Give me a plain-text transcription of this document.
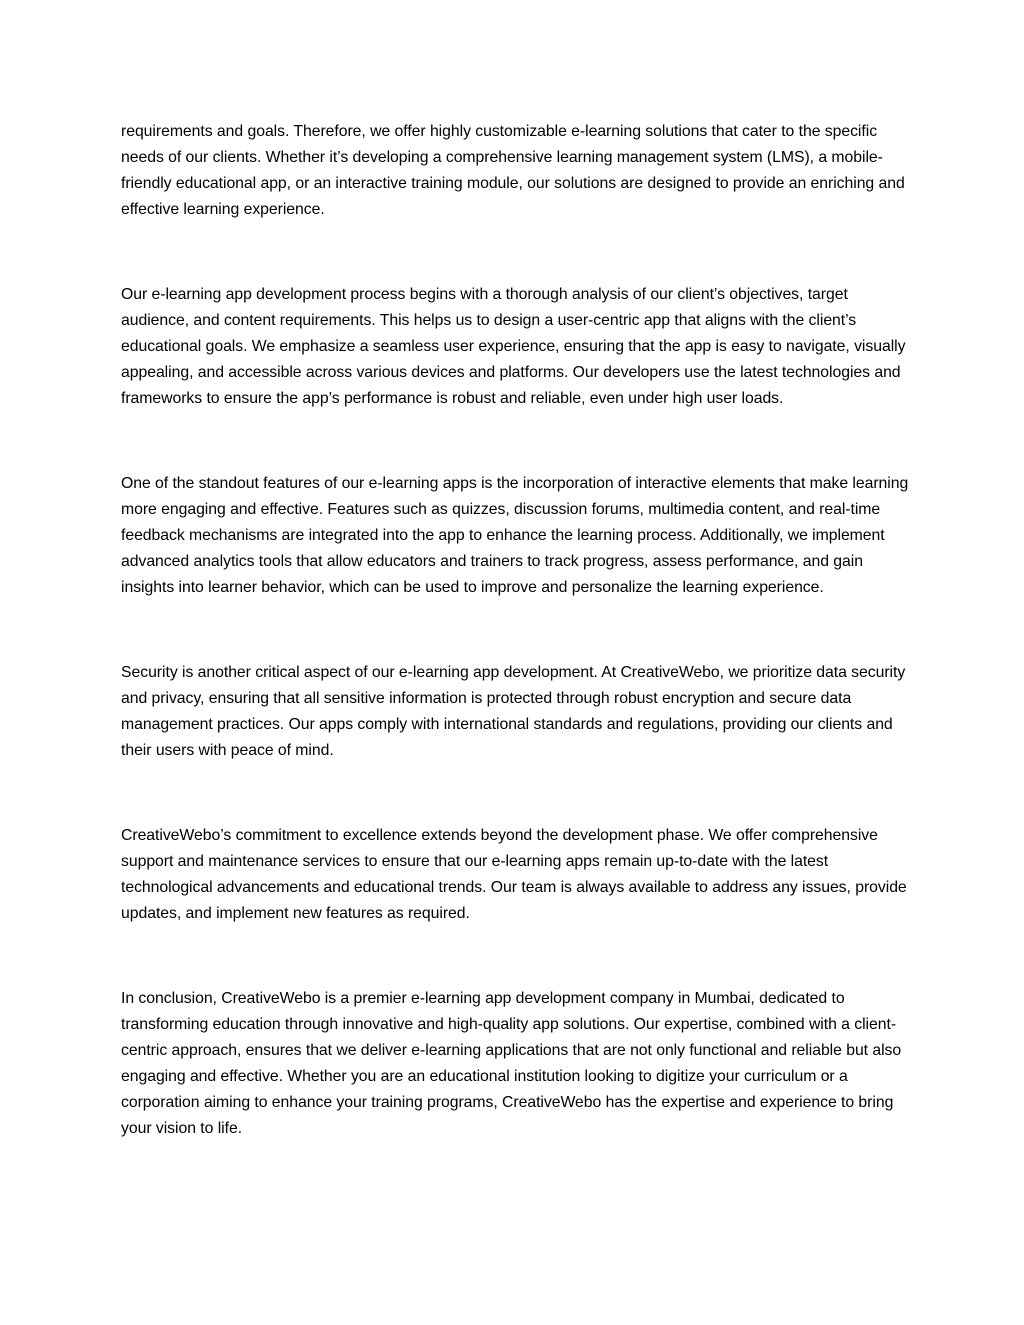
requirements and goals. Therefore, we offer highly customizable e-learning solutions that cater to the specific needs of our clients. Whether it’s developing a comprehensive learning management system (LMS), a mobile-friendly educational app, or an interactive training module, our solutions are designed to provide an enriching and effective learning experience.

Our e-learning app development process begins with a thorough analysis of our client’s objectives, target audience, and content requirements. This helps us to design a user-centric app that aligns with the client’s educational goals. We emphasize a seamless user experience, ensuring that the app is easy to navigate, visually appealing, and accessible across various devices and platforms. Our developers use the latest technologies and frameworks to ensure the app’s performance is robust and reliable, even under high user loads.

One of the standout features of our e-learning apps is the incorporation of interactive elements that make learning more engaging and effective. Features such as quizzes, discussion forums, multimedia content, and real-time feedback mechanisms are integrated into the app to enhance the learning process. Additionally, we implement advanced analytics tools that allow educators and trainers to track progress, assess performance, and gain insights into learner behavior, which can be used to improve and personalize the learning experience.

Security is another critical aspect of our e-learning app development. At CreativeWebo, we prioritize data security and privacy, ensuring that all sensitive information is protected through robust encryption and secure data management practices. Our apps comply with international standards and regulations, providing our clients and their users with peace of mind.

CreativeWebo’s commitment to excellence extends beyond the development phase. We offer comprehensive support and maintenance services to ensure that our e-learning apps remain up-to-date with the latest technological advancements and educational trends. Our team is always available to address any issues, provide updates, and implement new features as required.

In conclusion, CreativeWebo is a premier e-learning app development company in Mumbai, dedicated to transforming education through innovative and high-quality app solutions. Our expertise, combined with a client-centric approach, ensures that we deliver e-learning applications that are not only functional and reliable but also engaging and effective. Whether you are an educational institution looking to digitize your curriculum or a corporation aiming to enhance your training programs, CreativeWebo has the expertise and experience to bring your vision to life.
